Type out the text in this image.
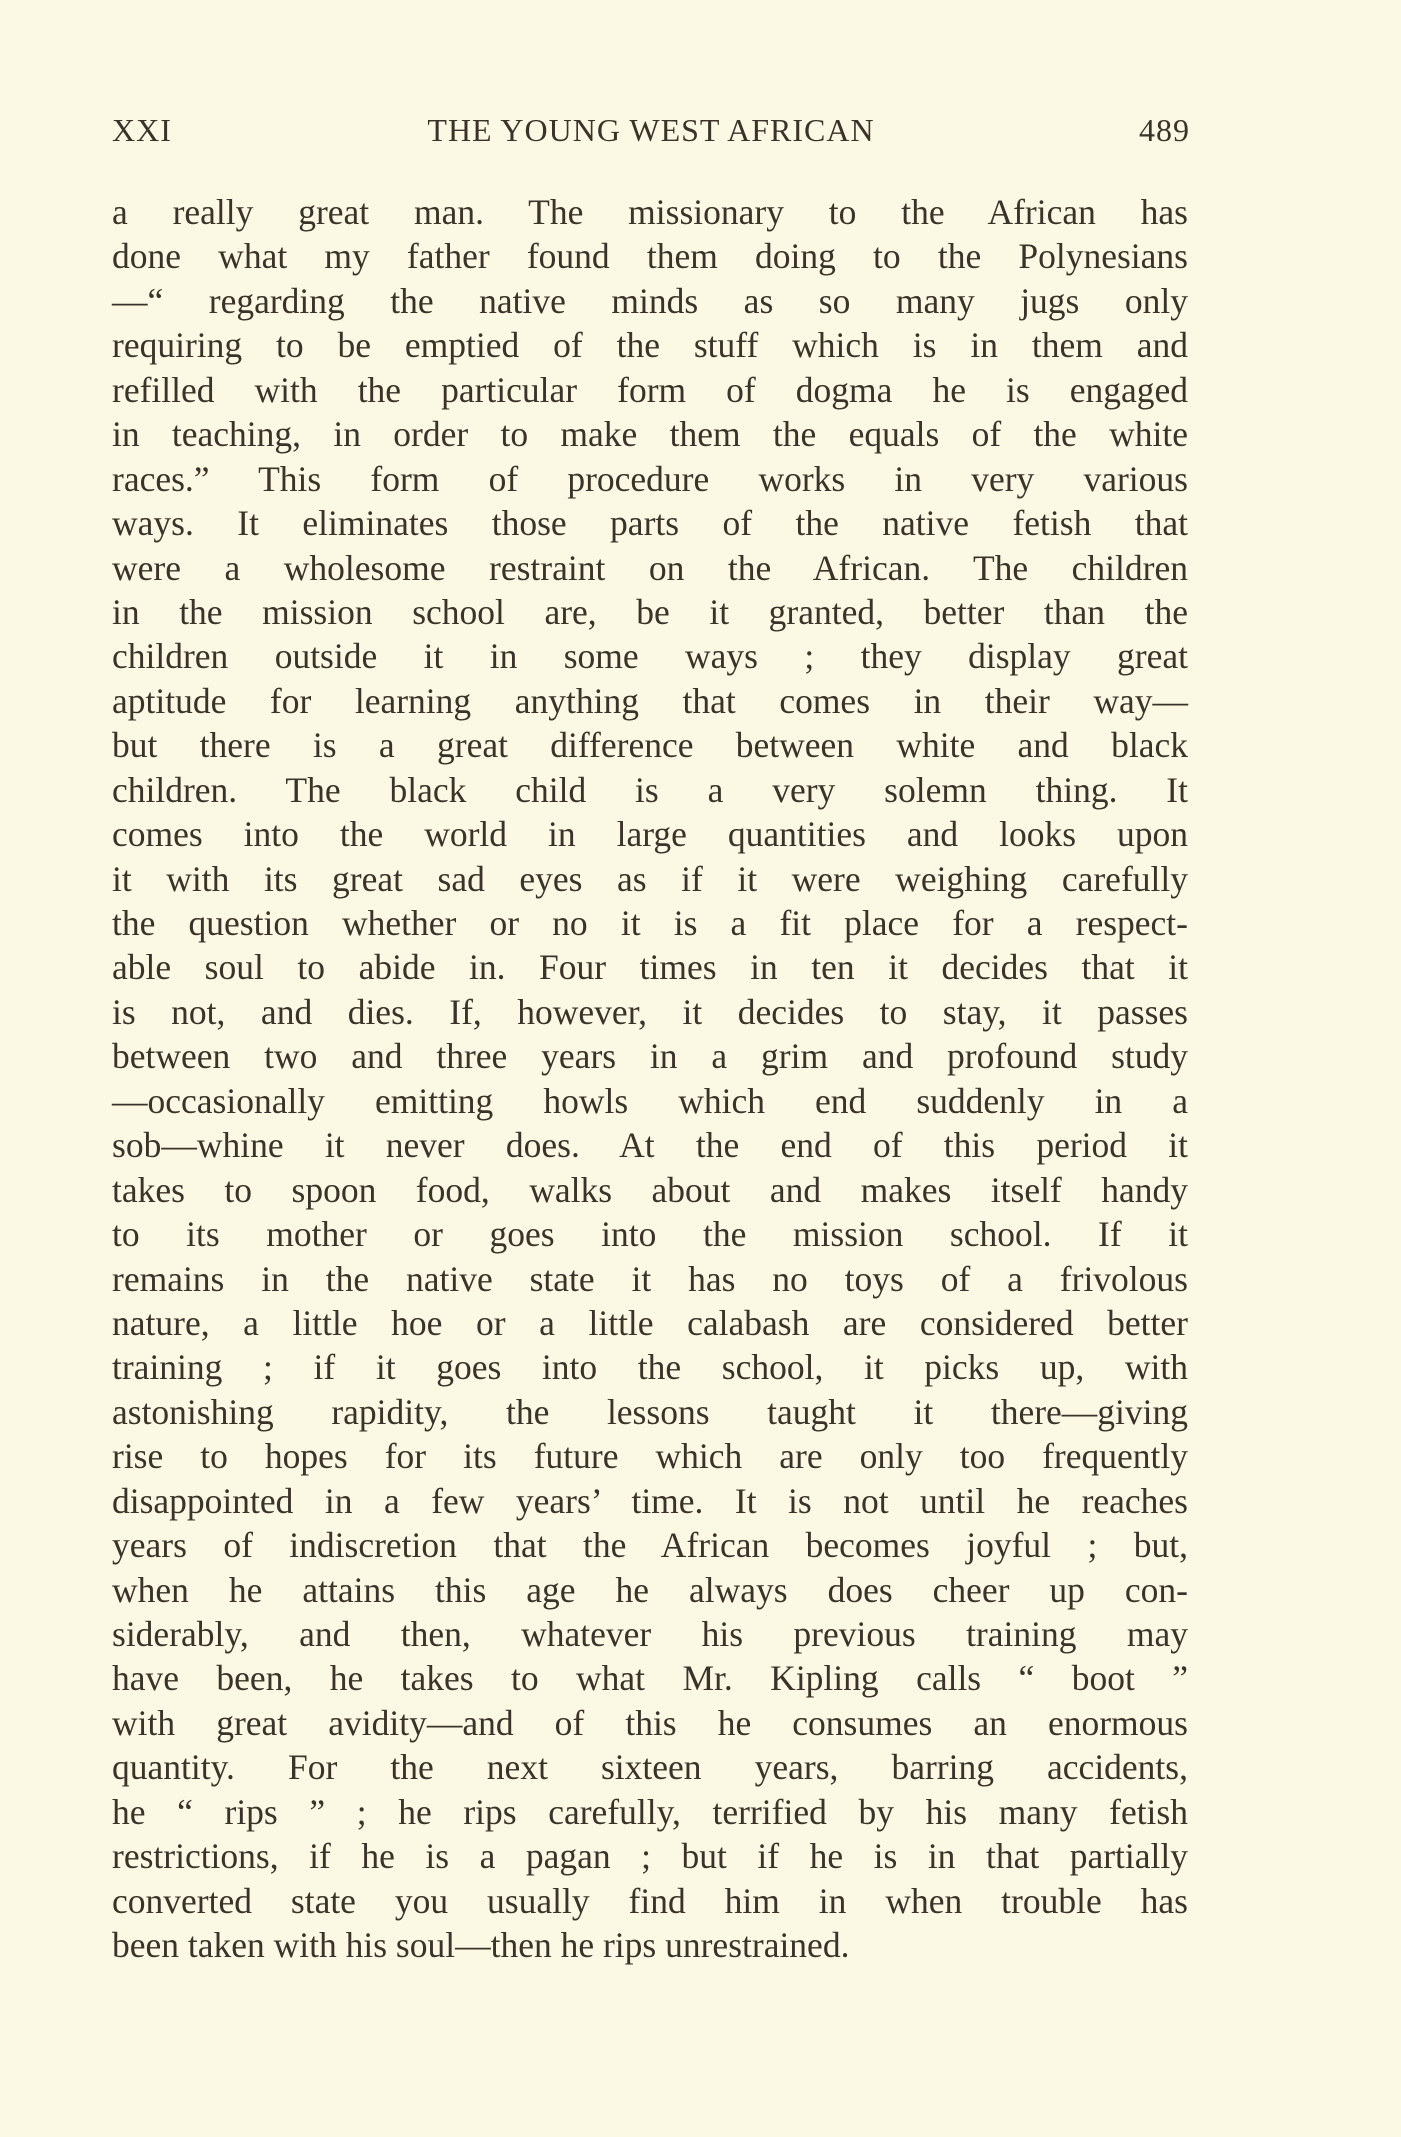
XXI	THE YOUNG WEST AFRICAN	489
a really great man. The missionary to the African has
done what my father found them doing to the Polynesians
—“ regarding the native minds as so many jugs only
requiring to be emptied of the stuff which is in them and
refilled with the particular form of dogma he is engaged
in teaching, in order to make them the equals of the white
races.” This form of procedure works in very various
ways. It eliminates those parts of the native fetish that
were a wholesome restraint on the African. The children
in the mission school are, be it granted, better than the
children outside it in some ways ; they display great
aptitude for learning anything that comes in their way—
but there is a great difference between white and black
children. The black child is a very solemn thing. It
comes into the world in large quantities and looks upon
it with its great sad eyes as if it were weighing carefully
the question whether or no it is a fit place for a respect-
able soul to abide in. Four times in ten it decides that it
is not, and dies. If, however, it decides to stay, it passes
between two and three years in a grim and profound study
—occasionally emitting howls which end suddenly in a
sob—whine it never does. At the end of this period it
takes to spoon food, walks about and makes itself handy
to its mother or goes into the mission school. If it
remains in the native state it has no toys of a frivolous
nature, a little hoe or a little calabash are considered better
training ; if it goes into the school, it picks up, with
astonishing rapidity, the lessons taught it there—giving
rise to hopes for its future which are only too frequently
disappointed in a few years’ time. It is not until he reaches
years of indiscretion that the African becomes joyful ; but,
when he attains this age he always does cheer up con-
siderably, and then, whatever his previous training may
have been, he takes to what Mr. Kipling calls “ boot ”
with great avidity—and of this he consumes an enormous
quantity. For the next sixteen years, barring accidents,
he “ rips ” ; he rips carefully, terrified by his many fetish
restrictions, if he is a pagan ; but if he is in that partially
converted state you usually find him in when trouble has
been taken with his soul—then he rips unrestrained.
